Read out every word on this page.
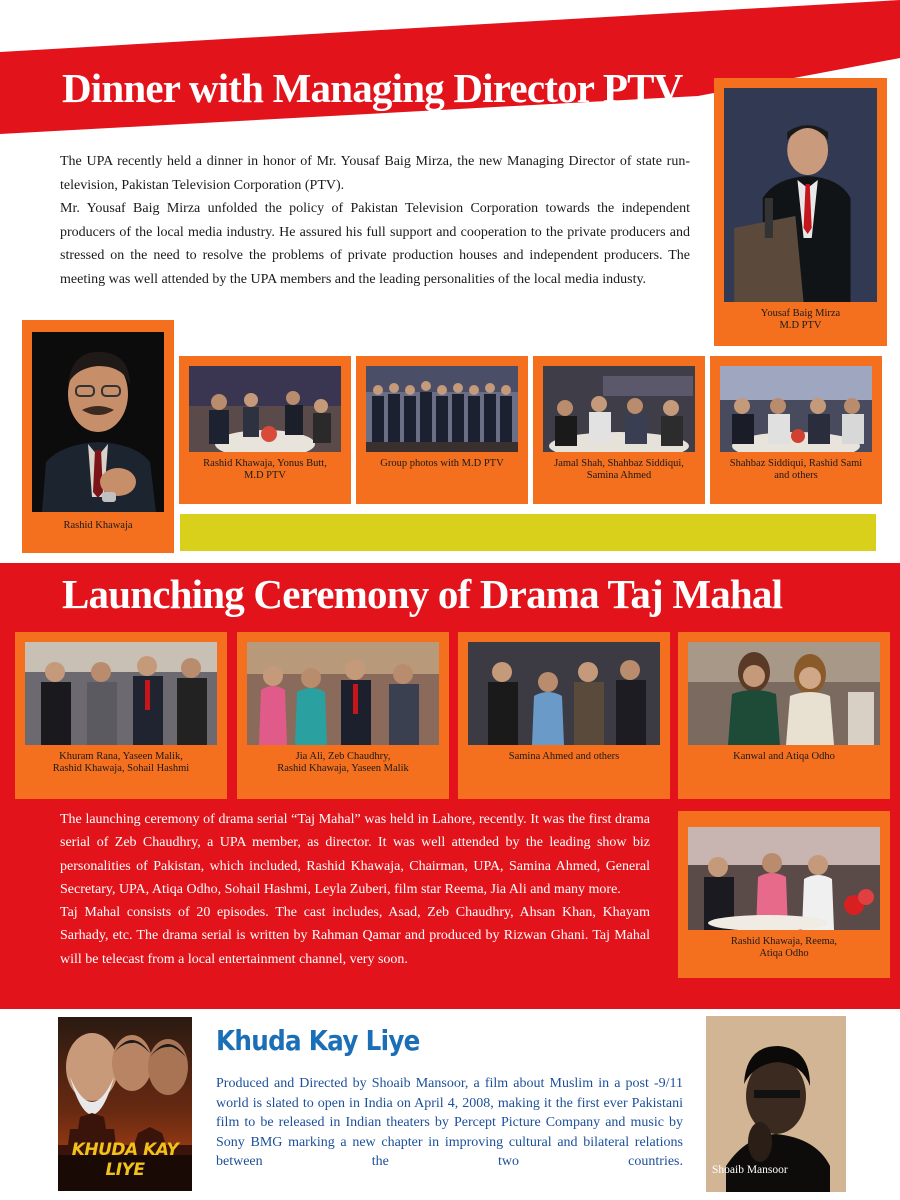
Dinner with Managing Director PTV

The UPA recently held a dinner in honor of Mr. Yousaf Baig Mirza, the new Managing Director of state run-television, Pakistan Television Corporation (PTV).

Mr. Yousaf Baig Mirza unfolded the policy of Pakistan Television Corporation towards the independent producers of the local media industry. He assured his full support and cooperation to the private producers and stressed on the need to resolve the problems of private production houses and independent producers. The meeting was well attended by the UPA members and the leading personalities of the local media industy.

Yousaf Baig Mirza
M.D PTV
Rashid Khawaja
Rashid Khawaja, Yonus Butt,
M.D PTV
Group photos with M.D PTV	Jamal Shah, Shahbaz Siddiqui,
Samina Ahmed
Shahbaz Siddiqui, Rashid Sami
and others
Launching Ceremony of Drama Taj Mahal
Khuram Rana, Yaseen Malik,
Rashid Khawaja, Sohail Hashmi
Jia Ali, Zeb Chaudhry,
Rashid Khawaja, Yaseen Malik
Samina Ahmed and others	Kanwal and Atiqa Odho
Rashid Khawaja, Reema,
Atiqa Odho

The launching ceremony of drama serial “Taj Mahal” was held in Lahore, recently. It was the first drama serial of Zeb Chaudhry, a UPA member, as director. It was well attended by the leading show biz personalities of Pakistan, which included, Rashid Khawaja, Chairman, UPA, Samina Ahmed, General Secretary, UPA, Atiqa Odho, Sohail Hashmi, Leyla Zuberi, film star Reema, Jia Ali and many more.

Taj Mahal consists of 20 episodes. The cast includes, Asad, Zeb Chaudhry, Ahsan Khan, Khayam Sarhady, etc. The drama serial is written by Rahman Qamar and produced by Rizwan Ghani. Taj Mahal will be telecast from a local entertainment channel, very soon.

KHUDA KAY LIYE
Khuda Kay Liye

Produced and Directed by Shoaib Mansoor, a film about Muslim in a post -9/11 world is slated to open in India on April 4, 2008, making it the first ever Pakistani film to be released in Indian theaters by Percept Picture Company and music by Sony BMG marking a new chapter in improving cultural and bilateral relations between the two countries.

Shoaib Mansoor
